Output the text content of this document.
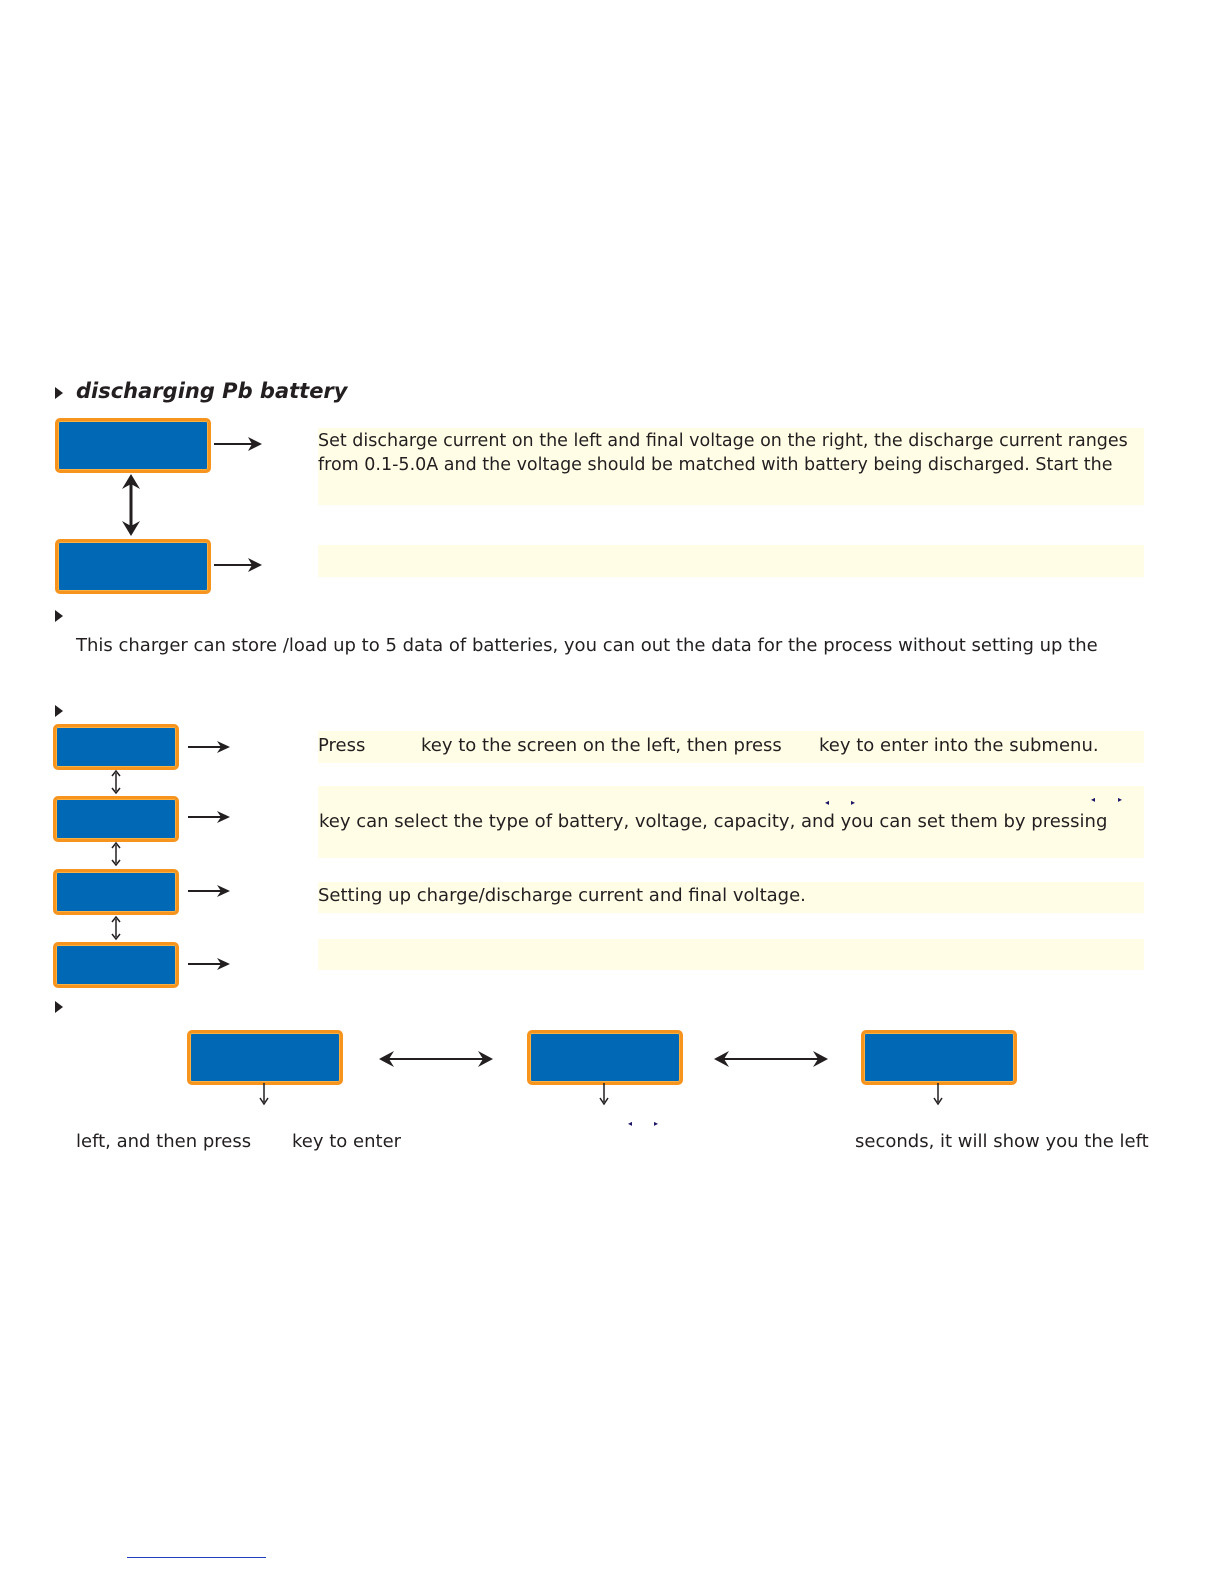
discharging Pb battery
Set discharge current on the left and final voltage on the right, the discharge current ranges
from 0.1-5.0A and the voltage should be matched with battery being discharged. Start the
This charger can store /load up to 5 data of batteries, you can out the data for the process without setting up the
Press	key to the screen on the left, then press key to enter into the submenu.
◂	▸	◂	▸
key can select the type of battery, voltage, capacity, and you can set them by pressing
Setting up charge/discharge current and final voltage.
◂	▸
left, and then press key to enter	seconds, it will show you the left
